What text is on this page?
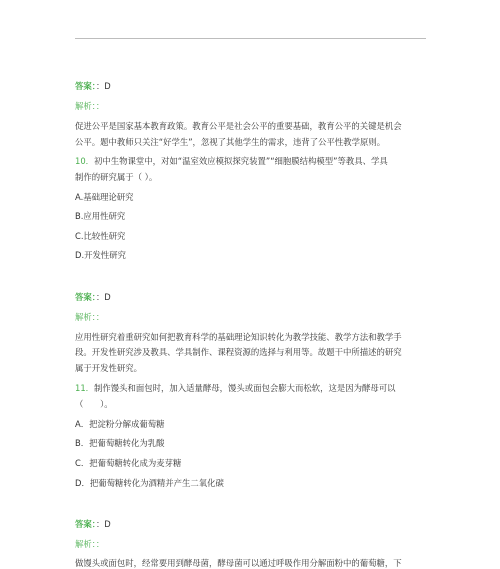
答案：：D
解析：：
促进公平是国家基本教育政策。教育公平是社会公平的重要基础，教育公平的关键是机会
公平。题中教师只关注“好学生”，忽视了其他学生的需求，违背了公平性教学原则。
10．初中生物课堂中，对如“温室效应模拟探究装置”“细胞膜结构模型”等教具、学具
制作的研究属于（ ）。
A.基础理论研究
B.应用性研究
C.比较性研究
D.开发性研究
答案：：D
解析：：
应用性研究着重研究如何把教育科学的基础理论知识转化为教学技能、教学方法和教学手
段。开发性研究涉及教具、学具制作、课程资源的选择与利用等。故题干中所描述的研究
属于开发性研究。
11．制作馒头和面包时，加入适量酵母，馒头或面包会膨大而松软，这是因为酵母可以
（　　）。
A．把淀粉分解成葡萄糖
B．把葡萄糖转化为乳酸
C．把葡萄糖转化成为麦芽糖
D．把葡萄糖转化为酒精并产生二氧化碳
答案：：D
解析：：
做馒头或面包时，经常要用到酵母菌，酵母菌可以通过呼吸作用分解面粉中的葡萄糖，下
